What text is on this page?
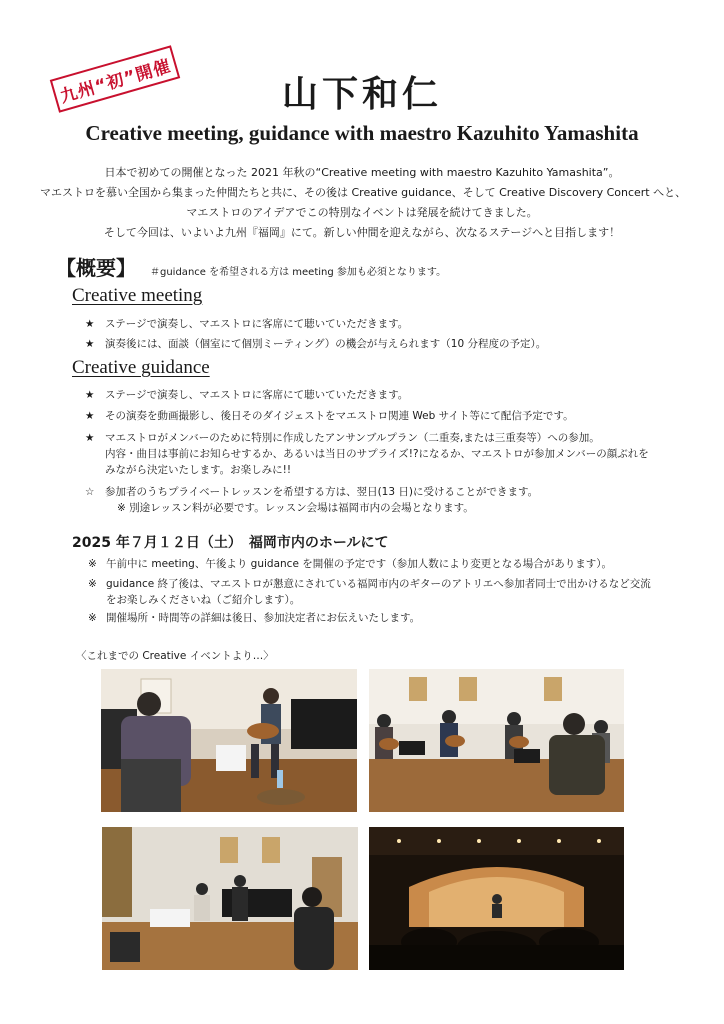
九州“初”開催	山下和仁
Creative meeting, guidance with maestro Kazuhito Yamashita

日本で初めての開催となった 2021 年秋の“Creative meeting with maestro Kazuhito Yamashita”。

マエストロを慕い全国から集まった仲間たちと共に、その後は Creative guidance、そして Creative Discovery Concert へと、

マエストロのアイデアでこの特別なイベントは発展を続けてきました。

そして今回は、いよいよ九州『福岡』にて。新しい仲間を迎えながら、次なるステージへと目指します！

【概要】 ＃guidance を希望される方は meeting 参加も必須となります。
Creative meeting
★ ステージで演奏し、マエストロに客席にて聴いていただきます。
★ 演奏後には、面談（個室にて個別ミーティング）の機会が与えられます（10 分程度の予定）。
Creative guidance
★ ステージで演奏し、マエストロに客席にて聴いていただきます。
★ その演奏を動画撮影し、後日そのダイジェストをマエストロ関連 Web サイト等にて配信予定です。
★ マエストロがメンバーのために特別に作成したアンサンブルプラン（二重奏,または三重奏等）への参加。
内容・曲目は事前にお知らせするか、あるいは当日のサプライズ!?になるか、マエストロが参加メンバーの顔ぶれを
みながら決定いたします。お楽しみに!!
☆ 参加者のうちプライベートレッスンを希望する方は、翌日(13 日)に受けることができます。
※ 別途レッスン料が必要です。レッスン会場は福岡市内の会場となります。
2025 年７月１２日（土）　福岡市内のホールにて
※ 午前中に meeting、午後より guidance を開催の予定です（参加人数により変更となる場合があります）。
※ guidance 終了後は、マエストロが懇意にされている福岡市内のギターのアトリエへ参加者同士で出かけるなど交流
をお楽しみくださいね（ご紹介します）。
※ 開催場所・時間等の詳細は後日、参加決定者にお伝えいたします。
〈これまでの Creative イベントより…〉
